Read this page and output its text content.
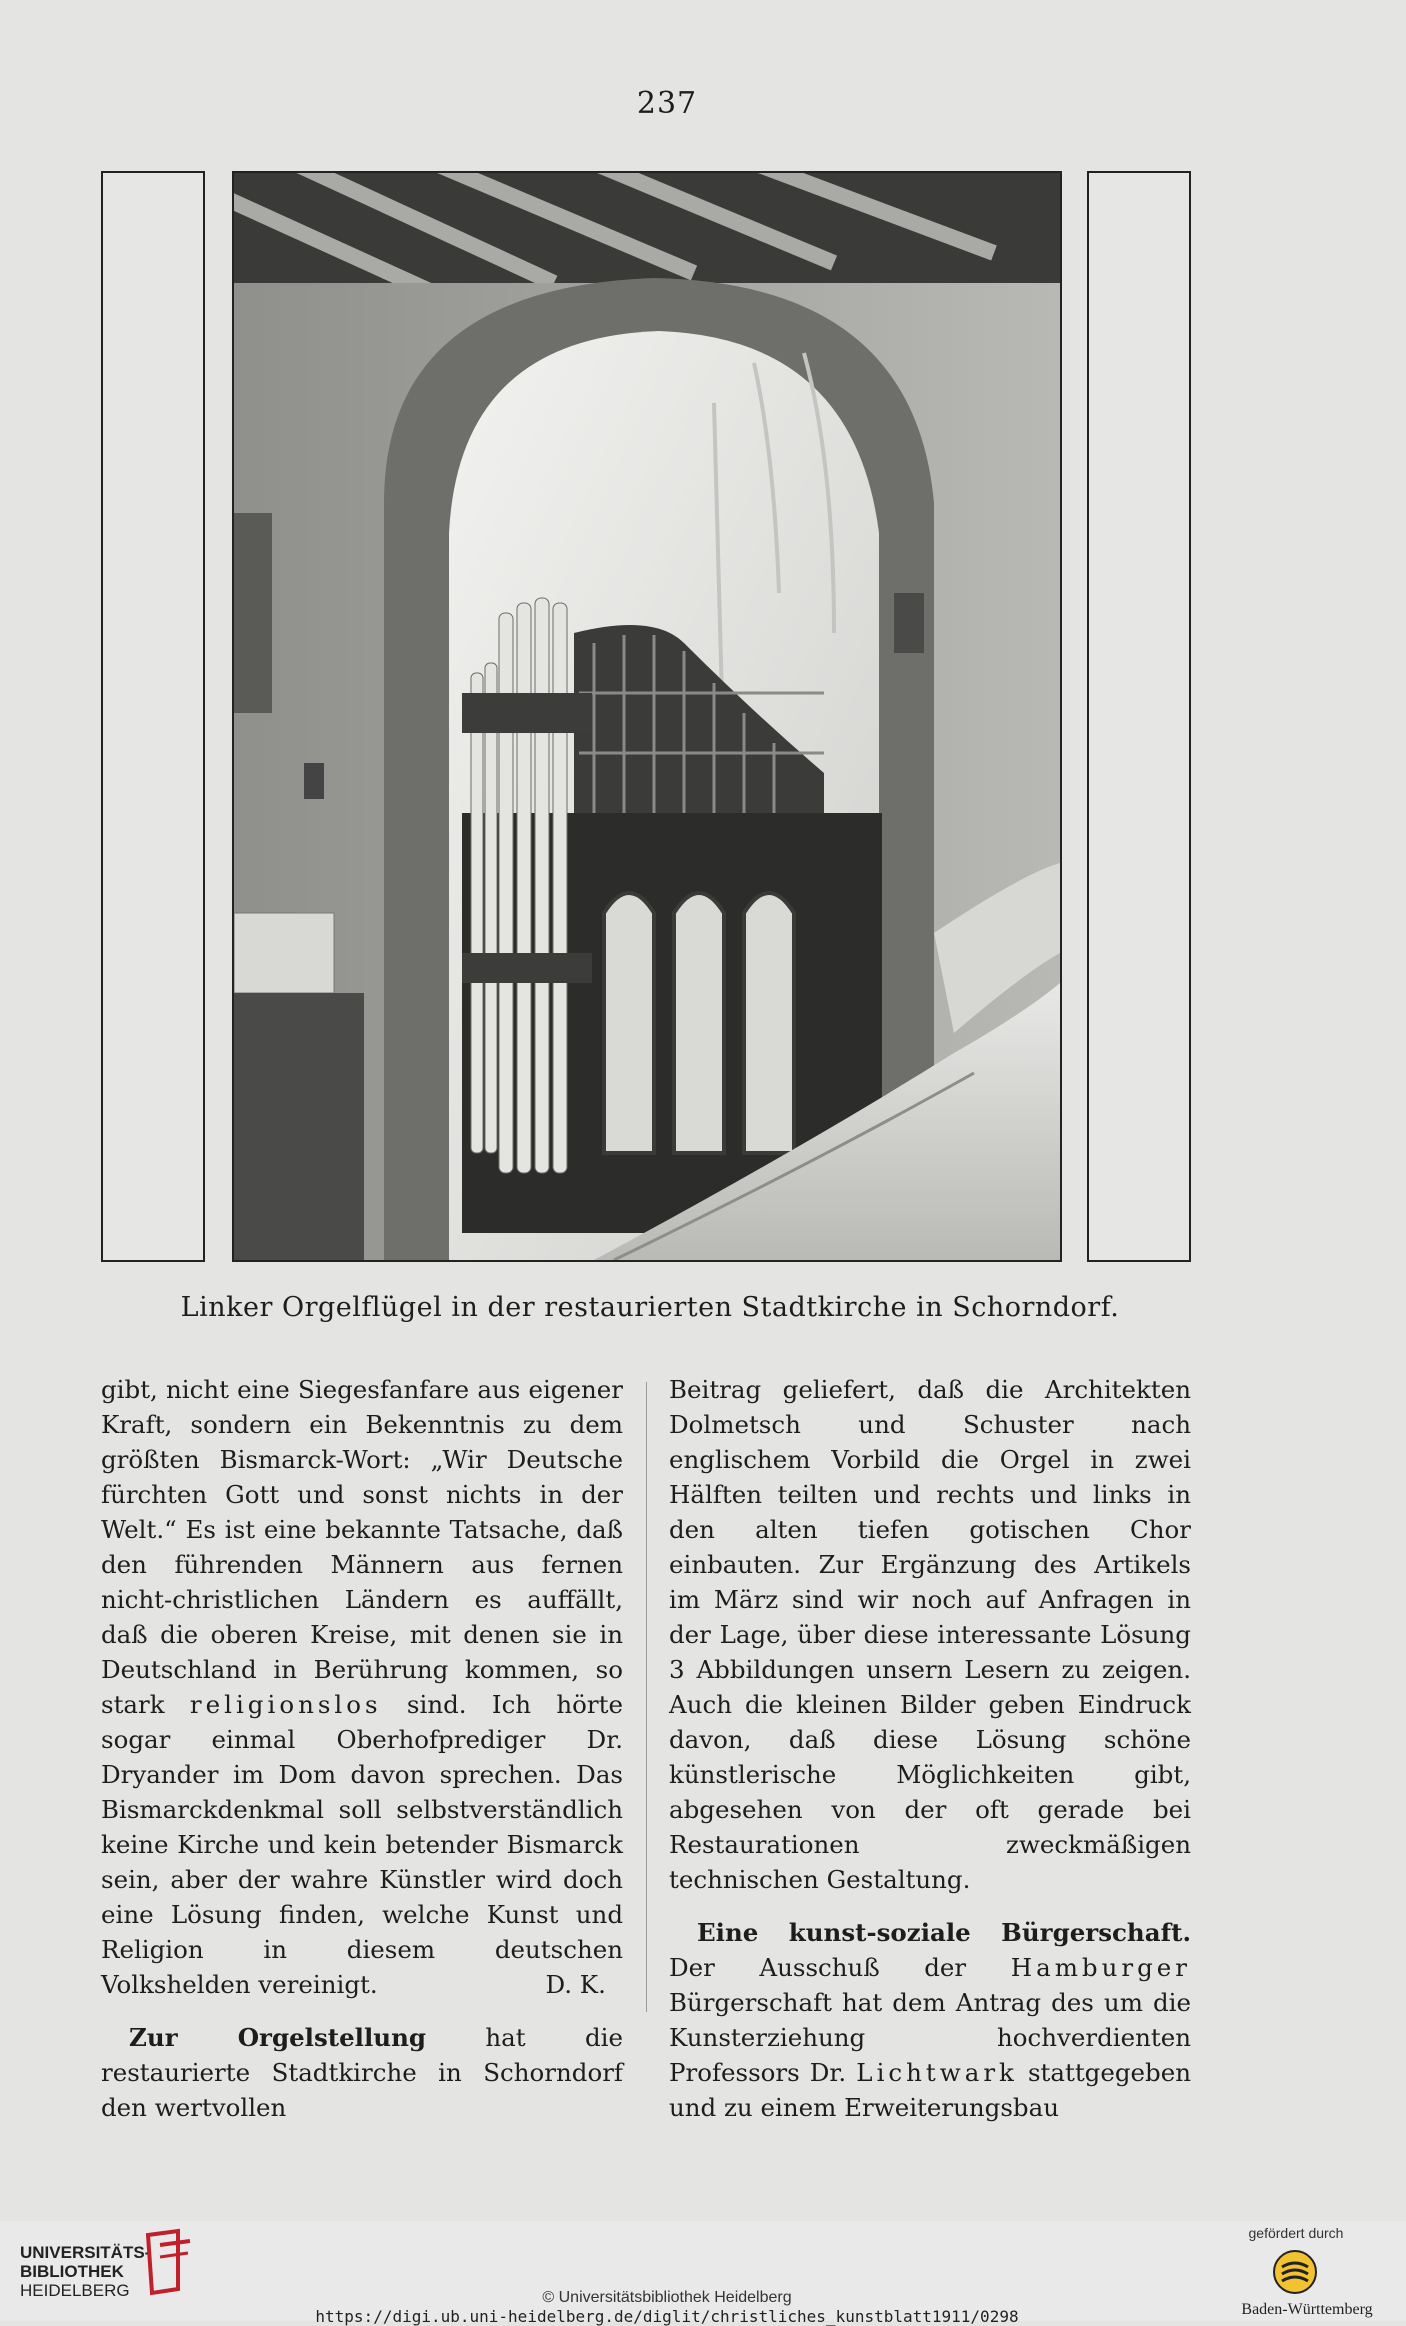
237
Linker Orgelflügel in der restaurierten Stadtkirche in Schorndorf.

gibt, nicht eine Siegesfanfare aus eigener Kraft, sondern ein Bekenntnis zu dem größten Bismarck-Wort: „Wir Deutsche fürchten Gott und sonst nichts in der Welt.“ Es ist eine bekannte Tatsache, daß den führenden Männern aus fernen nicht-christlichen Ländern es auffällt, daß die oberen Kreise, mit denen sie in Deutschland in Berührung kommen, so stark religionslos sind. Ich hörte sogar einmal Oberhofprediger Dr. Dryander im Dom davon sprechen. Das Bismarckdenkmal soll selbstverständlich keine Kirche und kein betender Bismarck sein, aber der wahre Künstler wird doch eine Lösung finden, welche Kunst und Religion in diesem deutschen Volkshelden vereinigt.	D. K.

Zur Orgelstellung hat die restaurierte Stadtkirche in Schorndorf den wertvollen

Beitrag geliefert, daß die Architekten Dolmetsch und Schuster nach englischem Vorbild die Orgel in zwei Hälften teilten und rechts und links in den alten tiefen gotischen Chor einbauten. Zur Ergänzung des Artikels im März sind wir noch auf Anfragen in der Lage, über diese interessante Lösung 3 Abbildungen unsern Lesern zu zeigen. Auch die kleinen Bilder geben Eindruck davon, daß diese Lösung schöne künstlerische Möglichkeiten gibt, abgesehen von der oft gerade bei Restaurationen zweckmäßigen technischen Gestaltung.

Eine kunst-soziale Bürgerschaft. Der Ausschuß der Hamburger Bürgerschaft hat dem Antrag des um die Kunsterziehung hochverdienten Professors Dr. Lichtwark stattgegeben und zu einem Erweiterungsbau

UNIVERSITÄTS-
BIBLIOTHEK
HEIDELBERG	© Universitätsbibliothek Heidelberg
https://digi.ub.uni-heidelberg.de/diglit/christliches_kunstblatt1911/0298
gefördert durch
Baden-Württemberg
